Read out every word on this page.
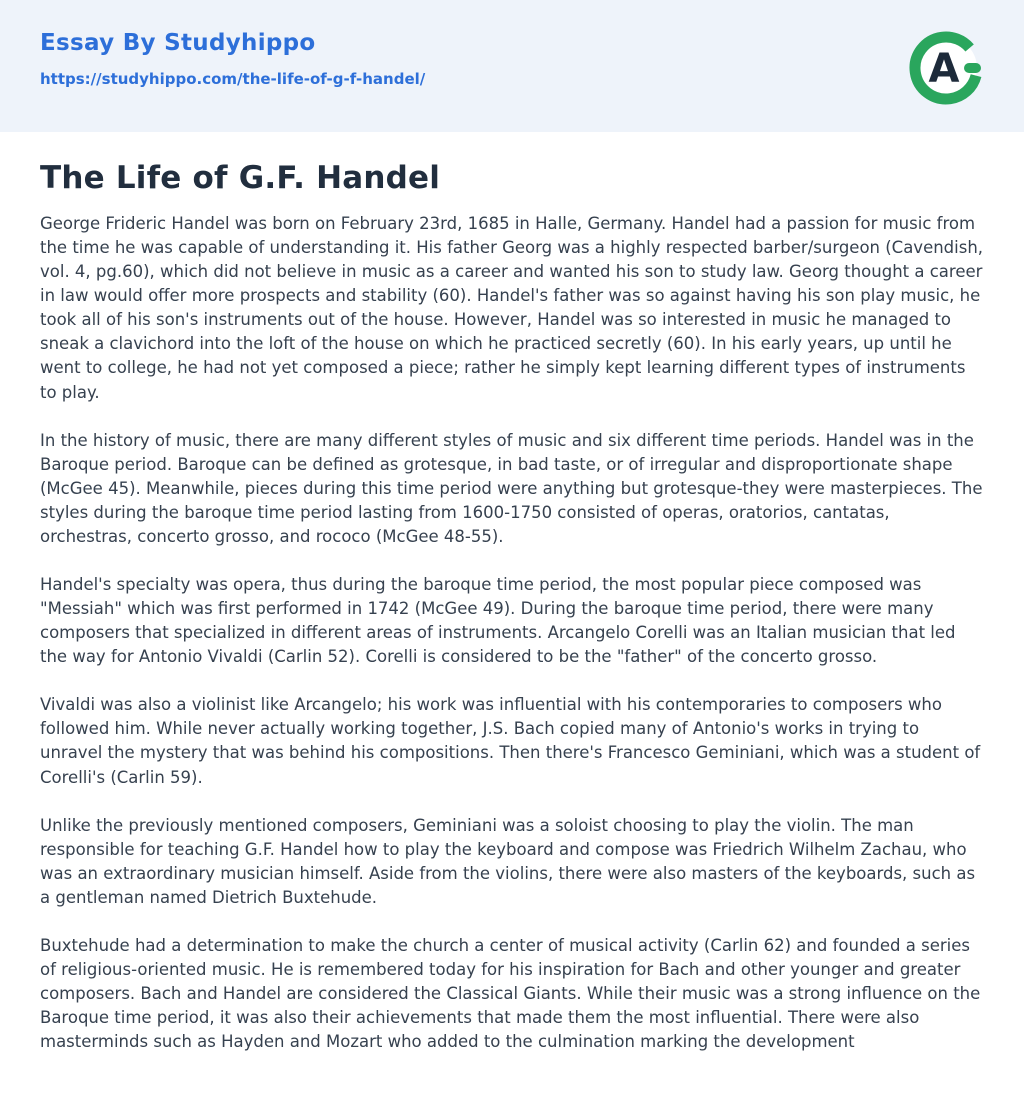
Essay By Studyhippo
https://studyhippo.com/the-life-of-g-f-handel/	A
The Life of G.F. Handel

George Frideric Handel was born on February 23rd, 1685 in Halle, Germany. Handel had a passion for music from the time he was capable of understanding it. His father Georg was a highly respected barber/surgeon (Cavendish, vol. 4, pg.60), which did not believe in music as a career and wanted his son to study law. Georg thought a career in law would offer more prospects and stability (60). Handel's father was so against having his son play music, he took all of his son's instruments out of the house. However, Handel was so interested in music he managed to sneak a clavichord into the loft of the house on which he practiced secretly (60). In his early years, up until he went to college, he had not yet composed a piece; rather he simply kept learning different types of instruments to play.

In the history of music, there are many different styles of music and six different time periods. Handel was in the Baroque period. Baroque can be defined as grotesque, in bad taste, or of irregular and disproportionate shape (McGee 45). Meanwhile, pieces during this time period were anything but grotesque-they were masterpieces. The styles during the baroque time period lasting from 1600-1750 consisted of operas, oratorios, cantatas, orchestras, concerto grosso, and rococo (McGee 48-55).

Handel's specialty was opera, thus during the baroque time period, the most popular piece composed was "Messiah" which was first performed in 1742 (McGee 49). During the baroque time period, there were many composers that specialized in different areas of instruments. Arcangelo Corelli was an Italian musician that led the way for Antonio Vivaldi (Carlin 52). Corelli is considered to be the "father" of the concerto grosso.

Vivaldi was also a violinist like Arcangelo; his work was influential with his contemporaries to composers who followed him. While never actually working together, J.S. Bach copied many of Antonio's works in trying to unravel the mystery that was behind his compositions. Then there's Francesco Geminiani, which was a student of Corelli's (Carlin 59).

Unlike the previously mentioned composers, Geminiani was a soloist choosing to play the violin. The man responsible for teaching G.F. Handel how to play the keyboard and compose was Friedrich Wilhelm Zachau, who was an extraordinary musician himself. Aside from the violins, there were also masters of the keyboards, such as a gentleman named Dietrich Buxtehude.

Buxtehude had a determination to make the church a center of musical activity (Carlin 62) and founded a series of religious-oriented music. He is remembered today for his inspiration for Bach and other younger and greater composers. Bach and Handel are considered the Classical Giants. While their music was a strong influence on the Baroque time period, it was also their achievements that made them the most influential. There were also masterminds such as Hayden and Mozart who added to the culmination marking the development
